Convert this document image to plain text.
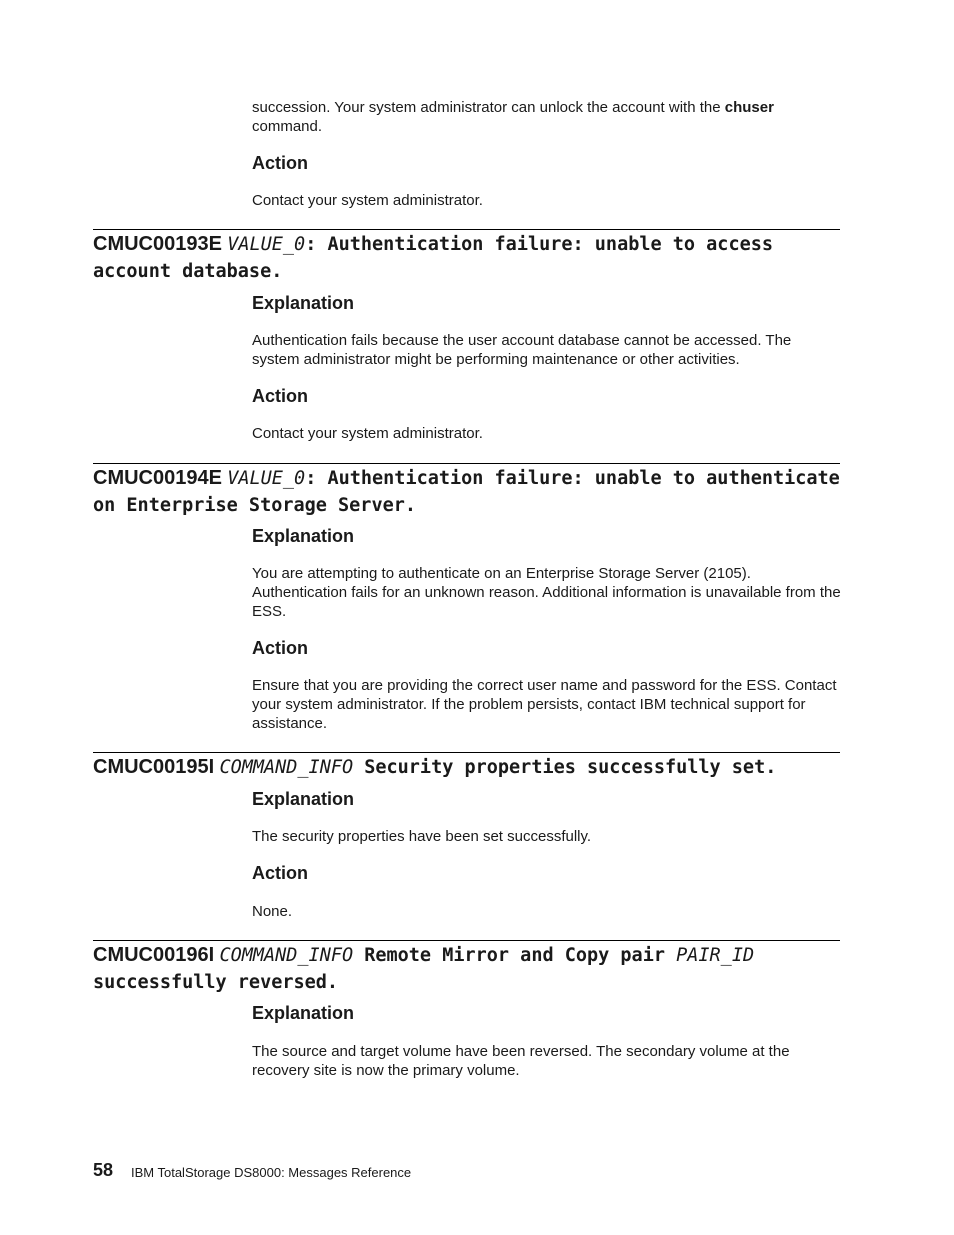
succession. Your system administrator can unlock the account with the chuser
command.

Action

Contact your system administrator.

CMUC00193E VALUE_0: Authentication failure: unable to access
account database.
Explanation

Authentication fails because the user account database cannot be accessed. The system administrator might be performing maintenance or other activities.

Action

Contact your system administrator.

CMUC00194E VALUE_0: Authentication failure: unable to authenticate
on Enterprise Storage Server.
Explanation

You are attempting to authenticate on an Enterprise Storage Server (2105). Authentication fails for an unknown reason. Additional information is unavailable from the ESS.

Action

Ensure that you are providing the correct user name and password for the ESS. Contact your system administrator. If the problem persists, contact IBM technical support for assistance.

CMUC00195I COMMAND_INFO Security properties successfully set.
Explanation

The security properties have been set successfully.

Action

None.

CMUC00196I COMMAND_INFO Remote Mirror and Copy pair PAIR_ID
successfully reversed.
Explanation

The source and target volume have been reversed. The secondary volume at the recovery site is now the primary volume.

58 IBM TotalStorage DS8000: Messages Reference
